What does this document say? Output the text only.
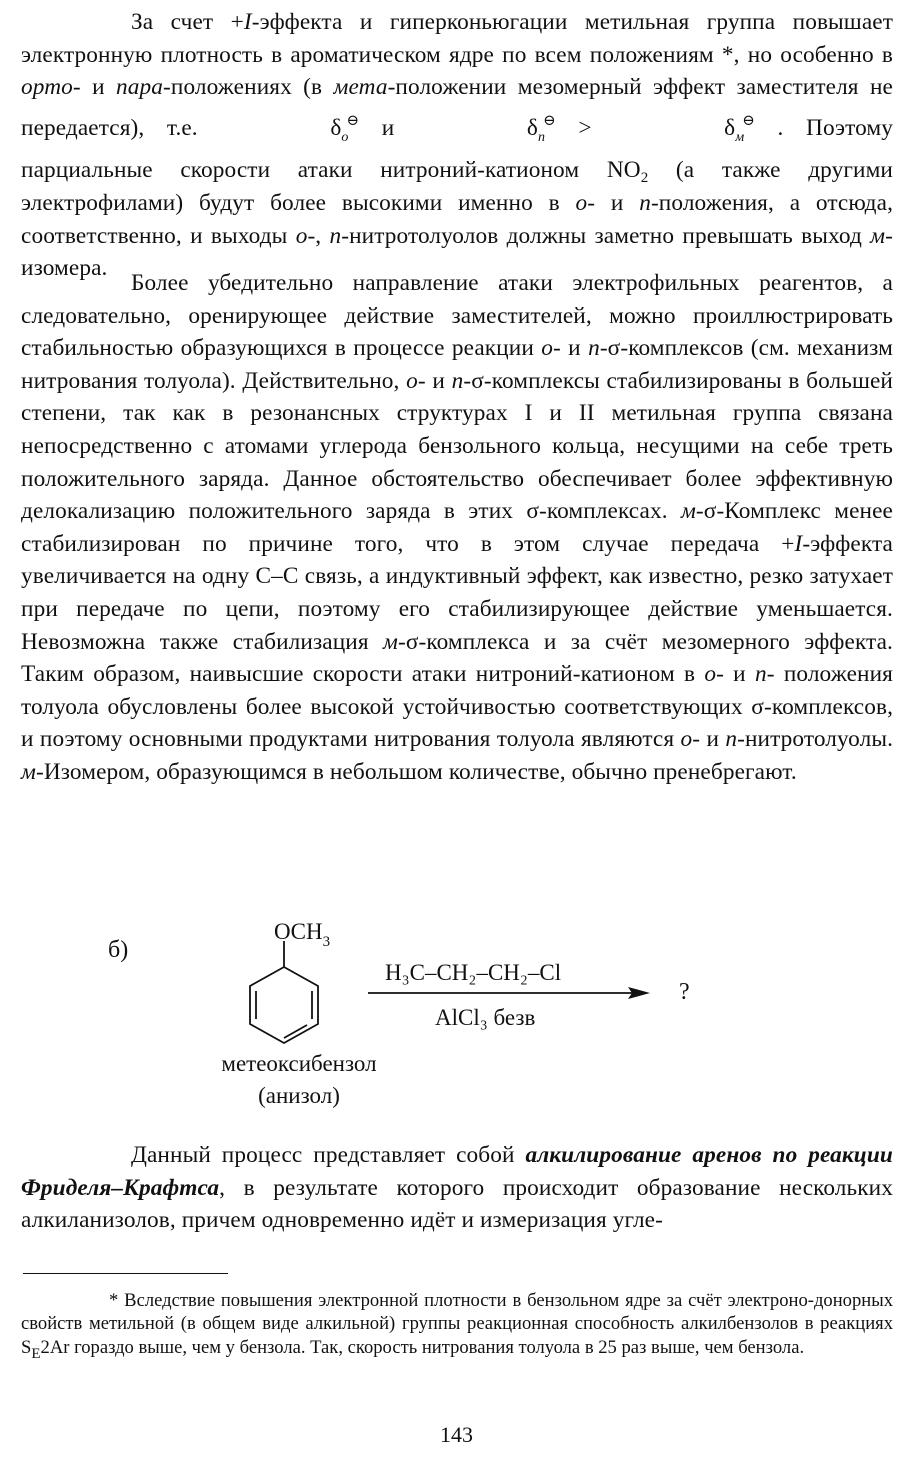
За счет +I-эффекта и гиперконьюгации метильная группа повышает электронную плотность в ароматическом ядре по всем положениям *, но особенно в орто- и пара-положениях (в мета-положении мезомерный эффект заместителя не передается), т.е.	$\delta_о^⊖$ и	$\delta_п^⊖$ >	$\delta_м^⊖$ . Поэтому парциальные скорости атаки нитроний-катионом $NO_2$ (а также другими электрофилами) будут более высокими именно в о- и п-положения, а отсюда, соответственно, и выходы о-, п-нитротолуолов должны заметно превышать выход м-изомера.

Более убедительно направление атаки электрофильных реагентов, а следовательно, оренирующее действие заместителей, можно проиллюстрировать стабильностью образующихся в процессе реакции о- и п-σ-комплексов (см. механизм нитрования толуола). Действительно, о- и п-σ-комплексы стабилизированы в большей степени, так как в резонансных структурах I и II метильная группа связана непосредственно с атомами углерода бензольного кольца, несущими на себе треть положительного заряда. Данное обстоятельство обеспечивает более эффективную делокализацию положительного заряда в этих σ-комплексах. м-σ-Комплекс менее стабилизирован по причине того, что в этом случае передача +I-эффекта увеличивается на одну С–С связь, а индуктивный эффект, как известно, резко затухает при передаче по цепи, поэтому его стабилизирующее действие уменьшается. Невозможна также стабилизация м-σ-комплекса и за счёт мезомерного эффекта. Таким образом, наивысшие скорости атаки нитроний-катионом в о- и п- положения толуола обусловлены более высокой устойчивостью соответствующих σ-комплексов, и поэтому основными продуктами нитрования толуола являются о- и п-нитротолуолы. м-Изомером, образующимся в небольшом количестве, обычно пренебрегают.

б)
$OCH_3$
H₃C–CH₂–CH₂–Cl
AlCl₃ безв
?
метеоксибензол
(анизол)

Данный процесс представляет собой алкилирование аренов по реакции Фриделя–Крафтса, в результате которого происходит образование нескольких алкиланизолов, причем одновременно идёт и измеризация угле-

* Вследствие повышения электронной плотности в бензольном ядре за счёт электроно-донорных свойств метильной (в общем виде алкильной) группы реакционная способность алкилбензолов в реакциях $S_E2Ar$ гораздо выше, чем у бензола. Так, скорость нитрования толуола в 25 раз выше, чем бензола.

143
